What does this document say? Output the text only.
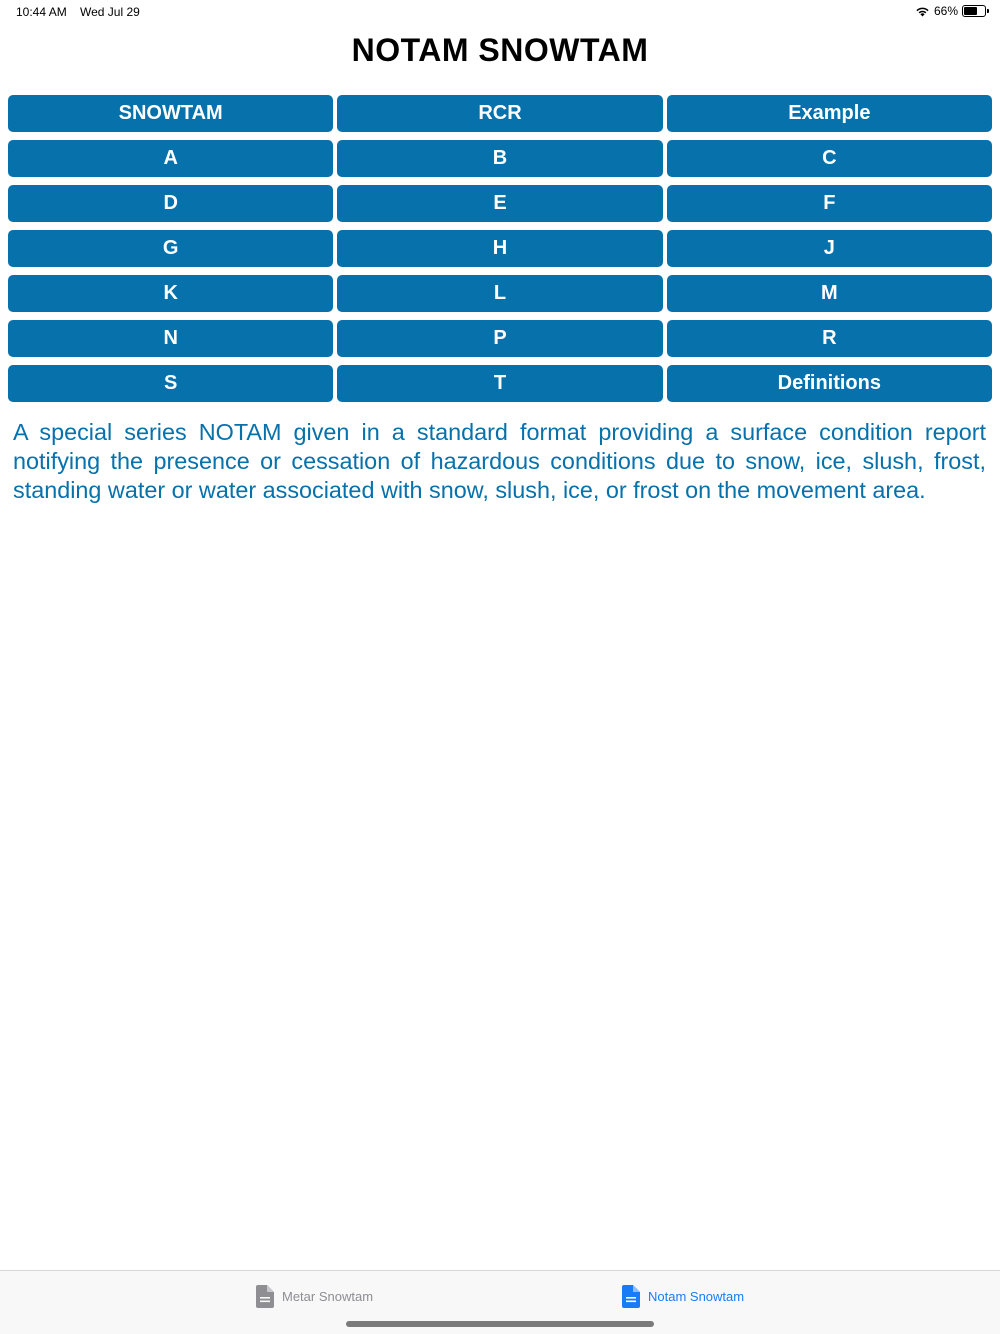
10:44 AM Wed Jul 29	66%
NOTAM SNOWTAM
SNOWTAM	RCR	Example
A	B	C
D	E	F
G	H	J
K	L	M
N	P	R
S	T	Definitions

A special series NOTAM given in a standard format providing a surface condition report notifying the presence or cessation of hazardous conditions due to snow, ice, slush, frost, standing water or water associated with snow, slush, ice, or frost on the movement area.

Metar Snowtam	Notam Snowtam
